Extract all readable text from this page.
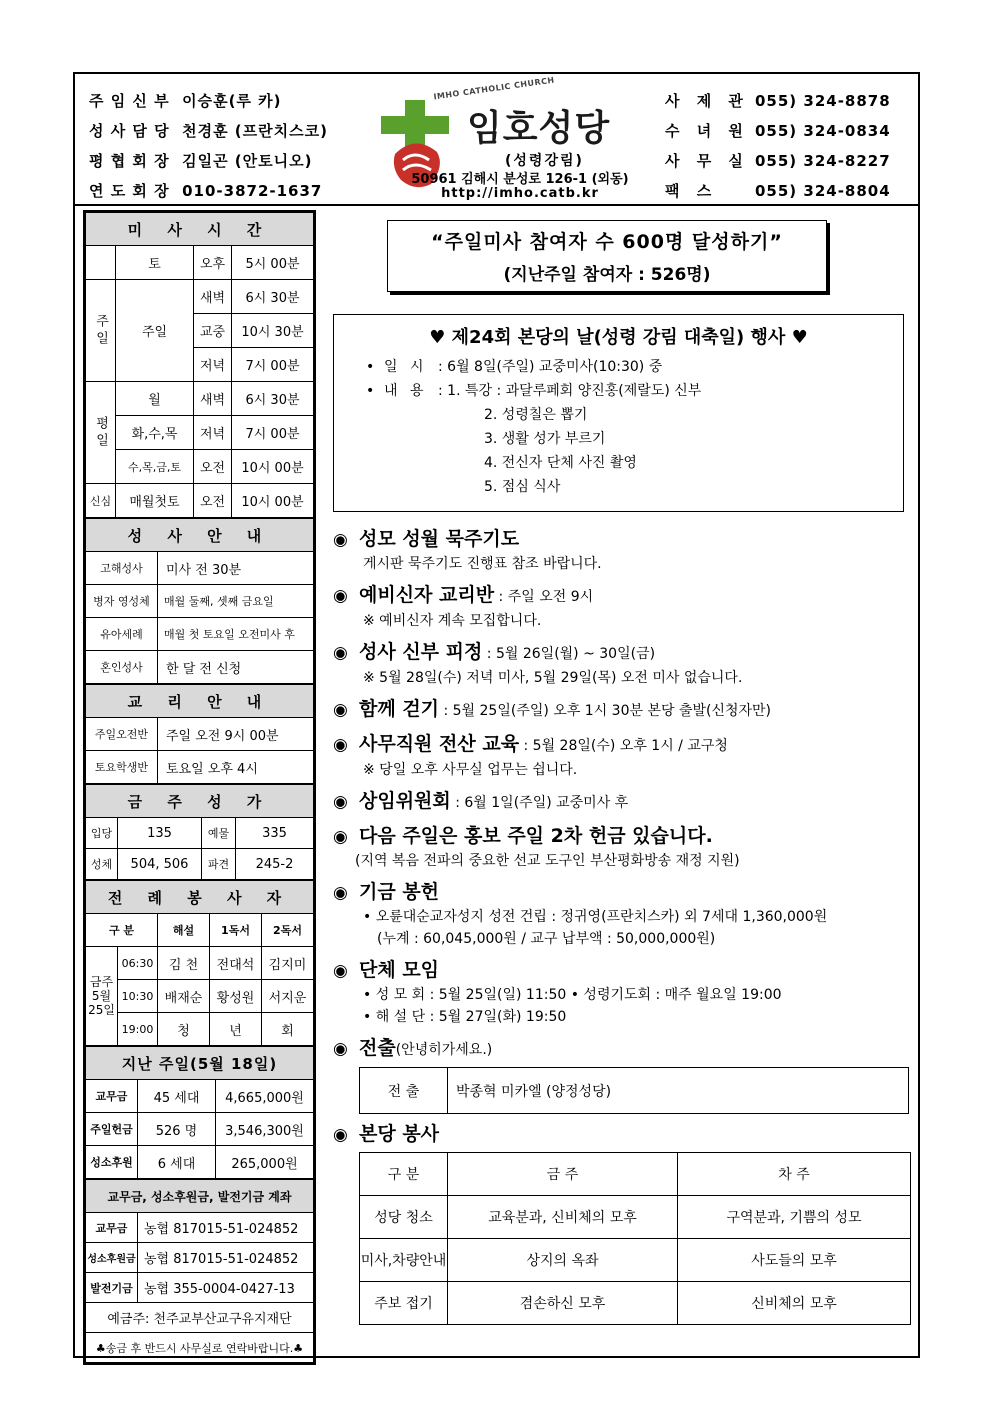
주 임 신 부 이승훈(루 카)
성 사 담 당 천경훈 (프란치스코)
평 협 회 장 김일곤 (안토니오)
연 도 회 장 010-3872-1637
IMHO CATHOLIC CHURCH
임호성당
(성령강림)
50961 김해시 분성로 126-1 (외동)
http://imho.catb.kr
사 제 관 055) 324-8878
수 녀 원 055) 324-0834
사 무 실 055) 324-8227
팩 스	055) 324-8804
미 사 시 간			
	토	오후	5시 00분
주일	주일	새벽	6시 30분
		교중	10시 30분
		저녁	7시 00분
평일	월	새벽	6시 30분
	화,수,목	저녁	7시 00분
	수,목,금,토	오전	10시 00분
신심	매월첫토	오전	10시 00분
성 사 안 내	
고해성사	미사 전 30분
병자 영성체	매월 둘째, 셋째 금요일
유아세례	매월 첫 토요일 오전미사 후
혼인성사	한 달 전 신청
교 리 안 내	
주일오전반	주일 오전 9시 00분
토요학생반	토요일 오후 4시
금 주 성 가			
입당	135	예물	335
성체	504, 506	파견	245-2
전 례 봉 사 자				
구 분		해설	1독서	2독서
금주 5월 25일	06:30	김 천	전대석	김지미
	10:30	배재순	황성원	서지운
	19:00	청	년	회
지난 주일(5월 18일)		
교무금	45 세대	4,665,000원
주일헌금	526 명	3,546,300원
성소후원	6 세대	265,000원
교무금, 성소후원금, 발전기금 계좌	
교무금	농협 817015-51-024852
성소후원금	농협 817015-51-024852
발전기금	농협 355-0004-0427-13
예금주: 천주교부산교구유지재단	
♣송금 후 반드시 사무실로 연락바랍니다.♣	
“주일미사 참여자 수 600명 달성하기”
(지난주일 참여자 : 526명)
♥ 제24회 본당의 날(성령 강림 대축일) 행사 ♥
• 일 시 : 6월 8일(주일) 교중미사(10:30) 중
• 내 용 : 1. 특강 : 과달루페회 양진홍(제랄도) 신부
2. 성령칠은 뽑기
3. 생활 성가 부르기
4. 전신자 단체 사진 촬영
5. 점심 식사
◉ 성모 성월 묵주기도
게시판 묵주기도 진행표 참조 바랍니다.
◉ 예비신자 교리반 : 주일 오전 9시
※ 예비신자 계속 모집합니다.
◉ 성사 신부 피정 : 5월 26일(월) ~ 30일(금)
※ 5월 28일(수) 저녁 미사, 5월 29일(목) 오전 미사 없습니다.
◉ 함께 걷기 : 5월 25일(주일) 오후 1시 30분 본당 출발(신청자만)
◉ 사무직원 전산 교육 : 5월 28일(수) 오후 1시 / 교구청
※ 당일 오후 사무실 업무는 쉽니다.
◉ 상임위원회 : 6월 1일(주일) 교중미사 후
◉ 다음 주일은 홍보 주일 2차 헌금 있습니다.
(지역 복음 전파의 중요한 선교 도구인 부산평화방송 재정 지원)
◉ 기금 봉헌
• 오륜대순교자성지 성전 건립 : 정귀영(프란치스카) 외 7세대 1,360,000원
(누계 : 60,045,000원 / 교구 납부액 : 50,000,000원)
◉ 단체 모임
• 성 모 회 : 5월 25일(일) 11:50 • 성령기도회 : 매주 월요일 19:00
• 해 설 단 : 5월 27일(화) 19:50
◉ 전출(안녕히가세요.)
전 출	박종혁 미카엘 (양정성당)
◉ 본당 봉사
구 분	금 주	차 주
성당 청소	교육분과, 신비체의 모후	구역분과, 기쁨의 성모
미사,차량안내	상지의 옥좌	사도들의 모후
주보 접기	겸손하신 모후	신비체의 모후
